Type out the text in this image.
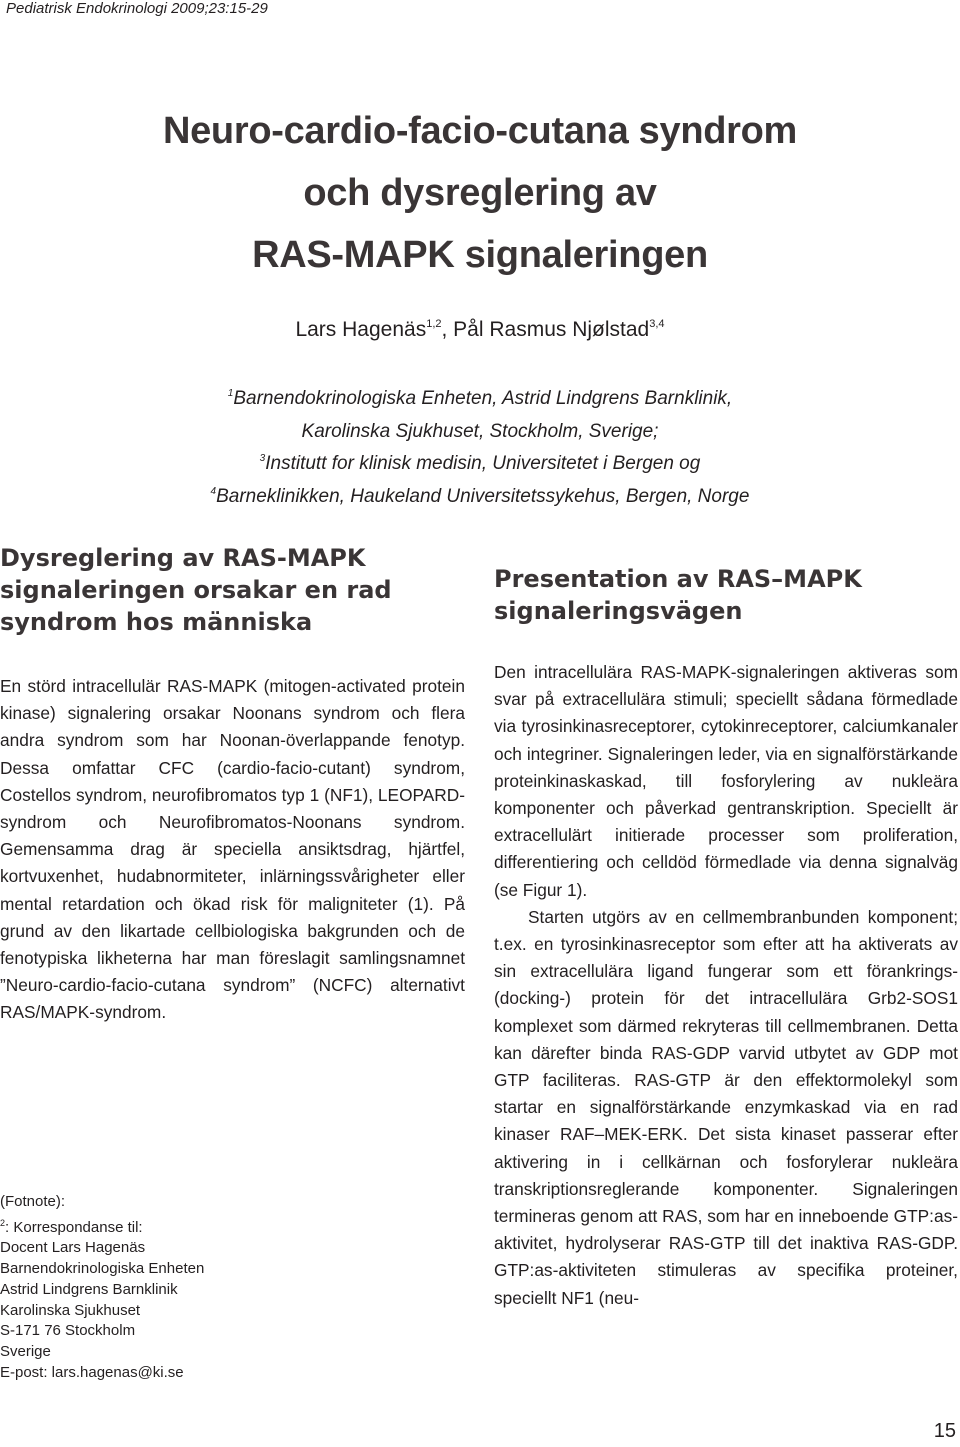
Pediatrisk Endokrinologi 2009;23:15-29
Neuro-cardio-facio-cutana syndrom
och dysreglering av
RAS-MAPK signaleringen
Lars Hagenäs$^{1,2}$, Pål Rasmus Njølstad$^{3,4}$
$^1$Barnendokrinologiska Enheten, Astrid Lindgrens Barnklinik,
Karolinska Sjukhuset, Stockholm, Sverige;
$^3$Institutt for klinisk medisin, Universitetet i Bergen og
$^4$Barneklinikken, Haukeland Universitetssykehus, Bergen, Norge
Dysreglering av RAS-MAPK
signaleringen orsakar en rad
syndrom hos människa

En störd intracellulär RAS-MAPK (mitogen-activated protein kinase) signalering orsakar Noonans syndrom och flera andra syndrom som har Noonan-överlappande fenotyp. Dessa omfattar CFC (cardio-facio-cutant) syndrom, Costellos syndrom, neurofibromatos typ 1 (NF1), LEOPARD-syndrom och Neurofibromatos-Noonans syndrom. Gemensamma drag är speciella ansiktsdrag, hjärtfel, kortvuxenhet, hudabnormiteter, inlärningssvårigheter eller mental retardation och ökad risk för maligniteter (1). På grund av den likartade cellbiologiska bakgrunden och de fenotypiska likheterna har man föreslagit samlingsnamnet ”Neuro-cardio-facio-cutana syndrom” (NCFC) alternativt RAS/MAPK-syndrom.

(Fotnote):
$^2$: Korrespondanse til:
Docent Lars Hagenäs
Barnendokrinologiska Enheten
Astrid Lindgrens Barnklinik
Karolinska Sjukhuset
S-171 76 Stockholm
Sverige
E-post: lars.hagenas@ki.se
Presentation av RAS–MAPK
signaleringsvägen

Den intracellulära RAS-MAPK-signaleringen aktiveras som svar på extracellulära stimuli; speciellt sådana förmedlade via tyrosinkinasreceptorer, cytokinreceptorer, calciumkanaler och integriner. Signaleringen leder, via en signalförstärkande proteinkinaskaskad, till fosforylering av nukleära komponenter och påverkad gentranskription. Speciellt är extracellulärt initierade processer som proliferation, differentiering och celldöd förmedlade via denna signalväg (se Figur 1).

Starten utgörs av en cellmembranbunden komponent; t.ex. en tyrosinkinasreceptor som efter att ha aktiverats av sin extracellulära ligand fungerar som ett förankrings- (docking-) protein för det intracellulära Grb2-SOS1 komplexet som därmed rekryteras till cellmembranen. Detta kan därefter binda RAS-GDP varvid utbytet av GDP mot GTP faciliteras. RAS-GTP är den effektormolekyl som startar en signalförstärkande enzymkaskad via en rad kinaser RAF–MEK-ERK. Det sista kinaset passerar efter aktivering in i cellkärnan och fosforylerar nukleära transkriptionsreglerande komponenter. Signaleringen termineras genom att RAS, som har en inneboende GTP:as-aktivitet, hydrolyserar RAS-GTP till det inaktiva RAS-GDP. GTP:as-aktiviteten stimuleras av specifika proteiner, speciellt NF1 (neu-

15
